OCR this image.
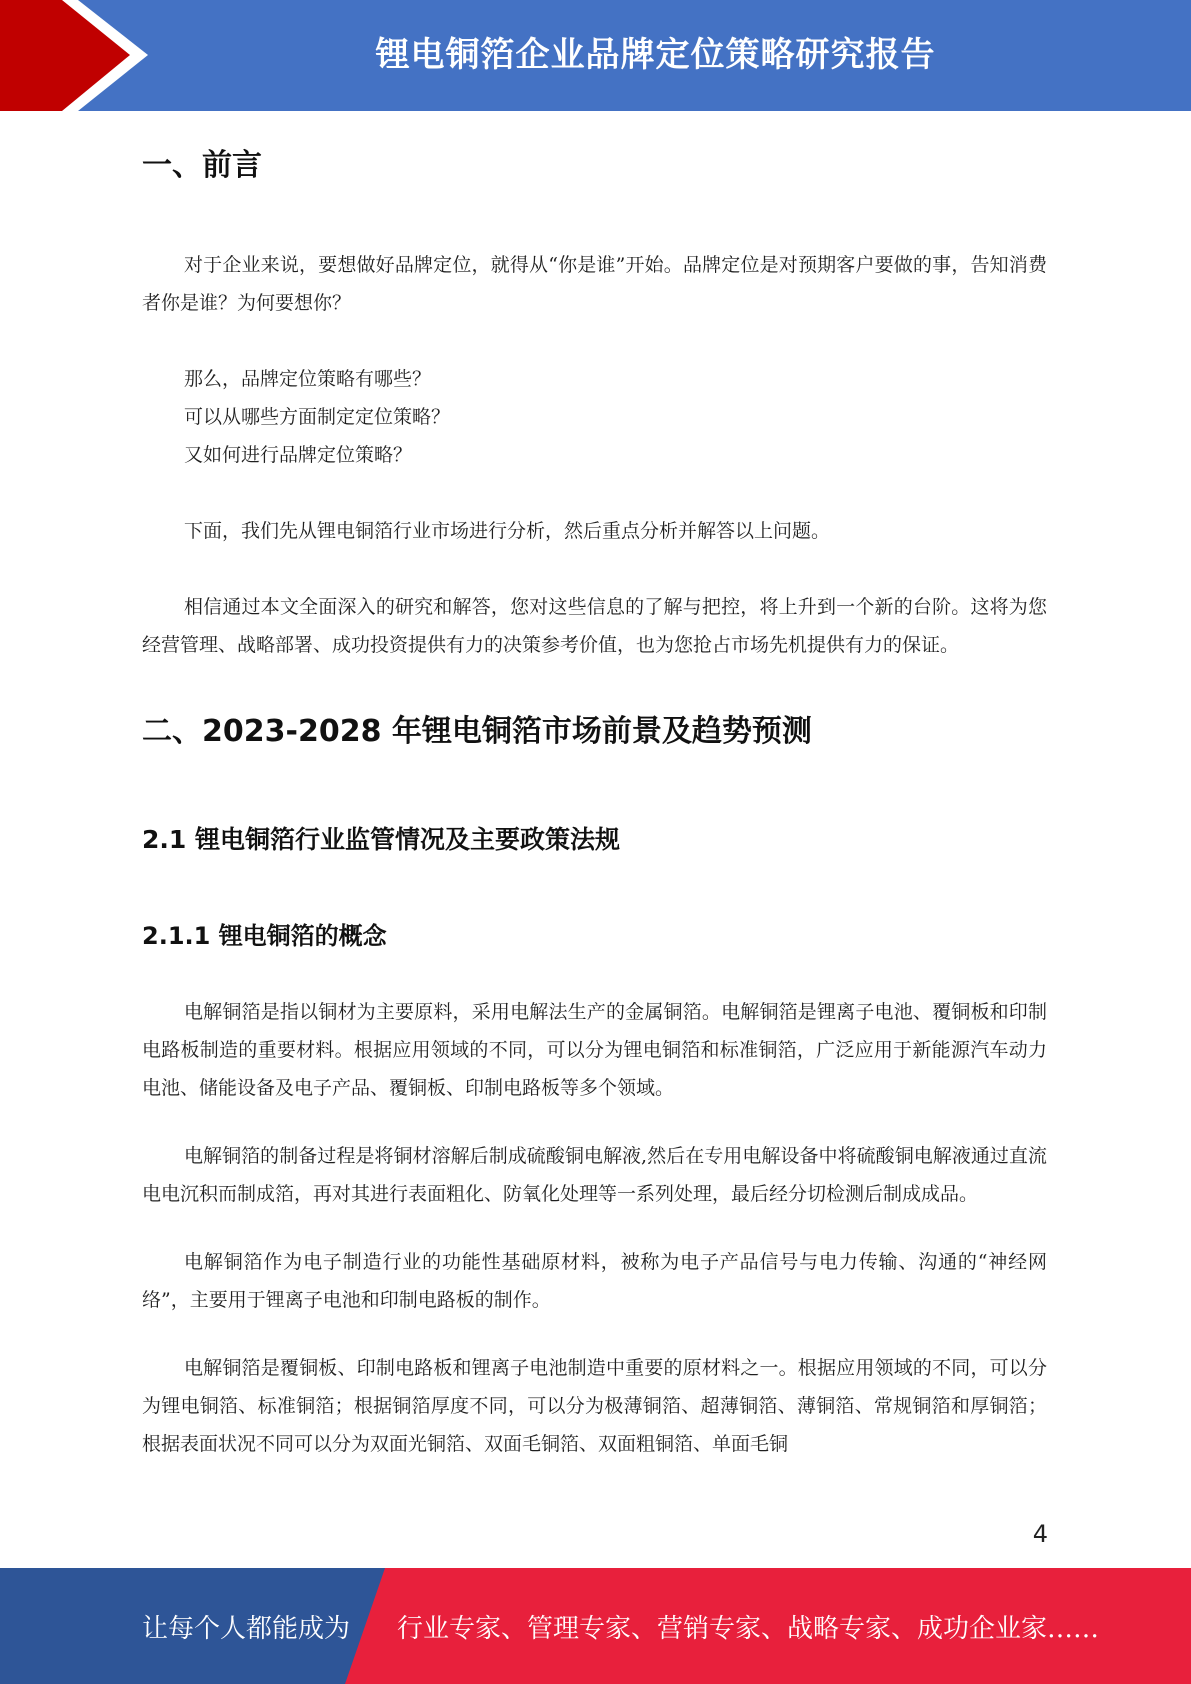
锂电铜箔企业品牌定位策略研究报告
一、前言

对于企业来说，要想做好品牌定位，就得从“你是谁”开始。品牌定位是对预期客户要做的事，告知消费者你是谁？为何要想你？

那么，品牌定位策略有哪些？

可以从哪些方面制定定位策略？

又如何进行品牌定位策略？

下面，我们先从锂电铜箔行业市场进行分析，然后重点分析并解答以上问题。

相信通过本文全面深入的研究和解答，您对这些信息的了解与把控，将上升到一个新的台阶。这将为您经营管理、战略部署、成功投资提供有力的决策参考价值，也为您抢占市场先机提供有力的保证。

二、2023-2028 年锂电铜箔市场前景及趋势预测
2.1 锂电铜箔行业监管情况及主要政策法规
2.1.1 锂电铜箔的概念

电解铜箔是指以铜材为主要原料，采用电解法生产的金属铜箔。电解铜箔是锂离子电池、覆铜板和印制电路板制造的重要材料。根据应用领域的不同，可以分为锂电铜箔和标准铜箔，广泛应用于新能源汽车动力电池、储能设备及电子产品、覆铜板、印制电路板等多个领域。

电解铜箔的制备过程是将铜材溶解后制成硫酸铜电解液,然后在专用电解设备中将硫酸铜电解液通过直流电电沉积而制成箔，再对其进行表面粗化、防氧化处理等一系列处理，最后经分切检测后制成成品。

电解铜箔作为电子制造行业的功能性基础原材料，被称为电子产品信号与电力传输、沟通的“神经网络”，主要用于锂离子电池和印制电路板的制作。

电解铜箔是覆铜板、印制电路板和锂离子电池制造中重要的原材料之一。根据应用领域的不同，可以分为锂电铜箔、标准铜箔；根据铜箔厚度不同，可以分为极薄铜箔、超薄铜箔、薄铜箔、常规铜箔和厚铜箔；根据表面状况不同可以分为双面光铜箔、双面毛铜箔、双面粗铜箔、单面毛铜

4
让每个人都能成为 行业专家、管理专家、营销专家、战略专家、成功企业家……
